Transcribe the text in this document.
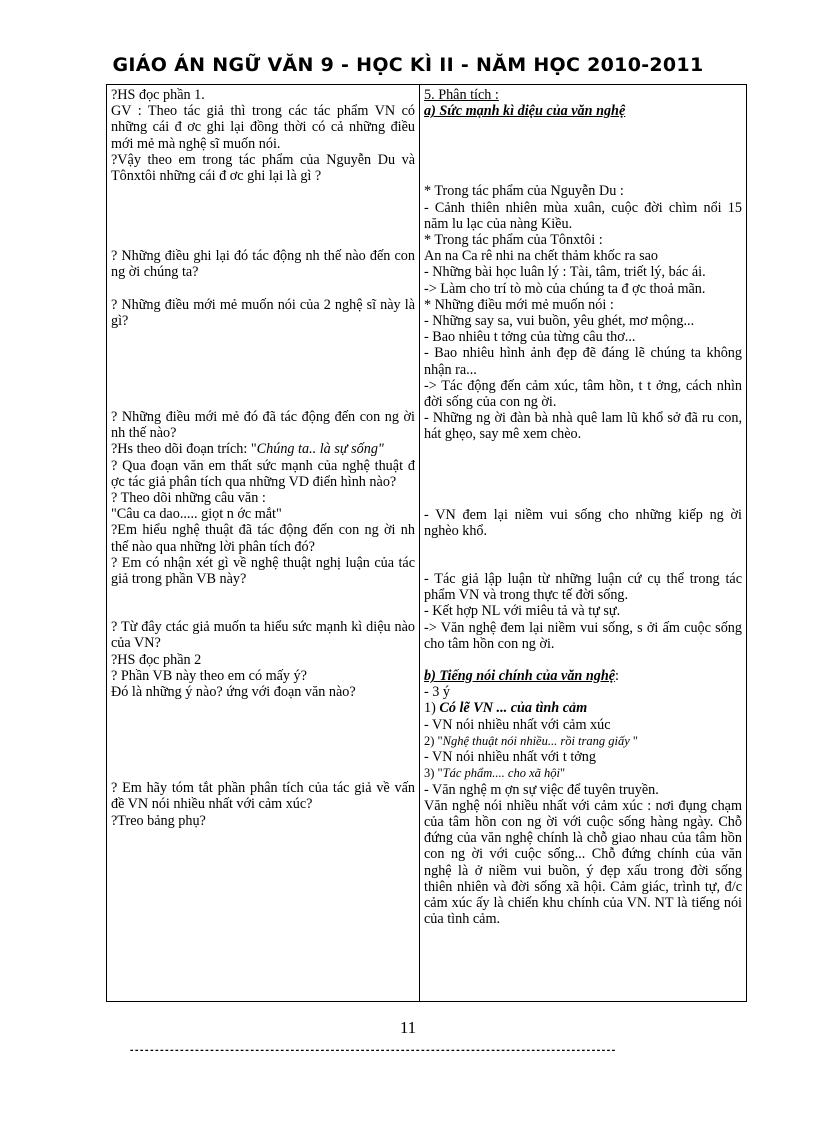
GIÁO ÁN NGỮ VĂN 9 - HỌC KÌ II - NĂM HỌC 2010-2011
?HS đọc phần 1.
GV : Theo tác giả thì trong các tác phẩm VN có những cái đ ơc ghi lại đồng thời có cả những điều mới mẻ mà nghệ sĩ muốn nói.
?Vậy theo em trong tác phẩm của Nguyễn Du và Tônxtôi những cái đ ơc ghi lại là gì ?
? Những điều ghi lại đó tác động nh thế nào đến con ng ời chúng ta?
? Những điều mới mẻ muốn nói của 2 nghệ sĩ này là gì?
? Những điều mới mẻ đó đã tác động đến con ng ời nh thế nào?
?Hs theo dõi đoạn trích: "Chúng ta.. là sự sống"
? Qua đoạn văn em thất sức mạnh của nghệ thuật đ ợc tác giả phân tích qua những VD điển hình nào?
? Theo dõi những câu văn :
"Câu ca dao..... giọt n ớc mắt"
?Em hiểu nghệ thuật đã tác động đến con ng ời nh thế nào qua những lời phân tích đó?
? Em có nhận xét gì về nghệ thuật nghị luận của tác giả trong phần VB này?
? Từ đây ctác giả muốn ta hiểu sức mạnh kì diệu nào của VN?
?HS đọc phần 2
? Phần VB này theo em có mấy ý?
Đó là những ý nào? ứng với đoạn văn nào?
? Em hãy tóm tắt phần phân tích của tác giả về vấn đề VN nói nhiều nhất với cảm xúc?
?Treo bảng phụ?

5. Phân tích :
a) Sức mạnh kì diệu của văn nghệ
* Trong tác phẩm của Nguyễn Du :
- Cảnh thiên nhiên mùa xuân, cuộc đời chìm nổi 15 năm lu lạc của nàng Kiều.
* Trong tác phẩm của Tônxtôi :
An na Ca rê nhi na chết thảm khốc ra sao
- Những bài học luân lý : Tài, tâm, triết lý, bác ái.
-> Làm cho trí tò mò của chúng ta đ ợc thoả mãn.
* Những điều mới mẻ muốn nói :
- Những say sa, vui buồn, yêu ghét, mơ mộng...
- Bao nhiêu t tởng của từng câu thơ...
- Bao nhiêu hình ảnh đẹp đẽ đáng lẽ chúng ta không nhận ra...
-> Tác động đến cảm xúc, tâm hồn, t t ởng, cách nhìn đời sống của con ng ời.
- Những ng ời đàn bà nhà quê lam lũ khổ sở đã ru con, hát ghẹo, say mê xem chèo.
- VN đem lại niềm vui sống cho những kiếp ng ời nghèo khổ.
- Tác giả lập luận từ những luận cứ cụ thể trong tác phẩm VN và trong thực tế đời sống.
- Kết hợp NL với miêu tả và tự sự.
-> Văn nghệ đem lại niềm vui sống, s ởi ấm cuộc sống cho tâm hồn con ng ời.
b) Tiếng nói chính của văn nghệ:
- 3 ý
1) Có lẽ VN ... của tình cảm
- VN nói nhiều nhất với cảm xúc
2) "Nghệ thuật nói nhiều... rồi trang giấy "
- VN nói nhiều nhất với t tởng
3) "Tác phẩm.... cho xã hội"
- Văn nghệ m ợn sự việc để tuyên truyền.
Văn nghệ nói nhiều nhất với cảm xúc : nơi đụng chạm của tâm hồn con ng ời với cuộc sống hàng ngày. Chỗ đứng của văn nghệ chính là chỗ giao nhau của tâm hồn con ng ời với cuộc sống... Chỗ đứng chính của văn nghệ là ở niềm vui buồn, ý đẹp xấu trong đời sống thiên nhiên và đời sống xã hội. Cảm giác, trình tự, đ/c cảm xúc ấy là chiến khu chính của VN. NT là tiếng nói của tình cảm.
11
-------------------------------------------------------------------------------------------------
